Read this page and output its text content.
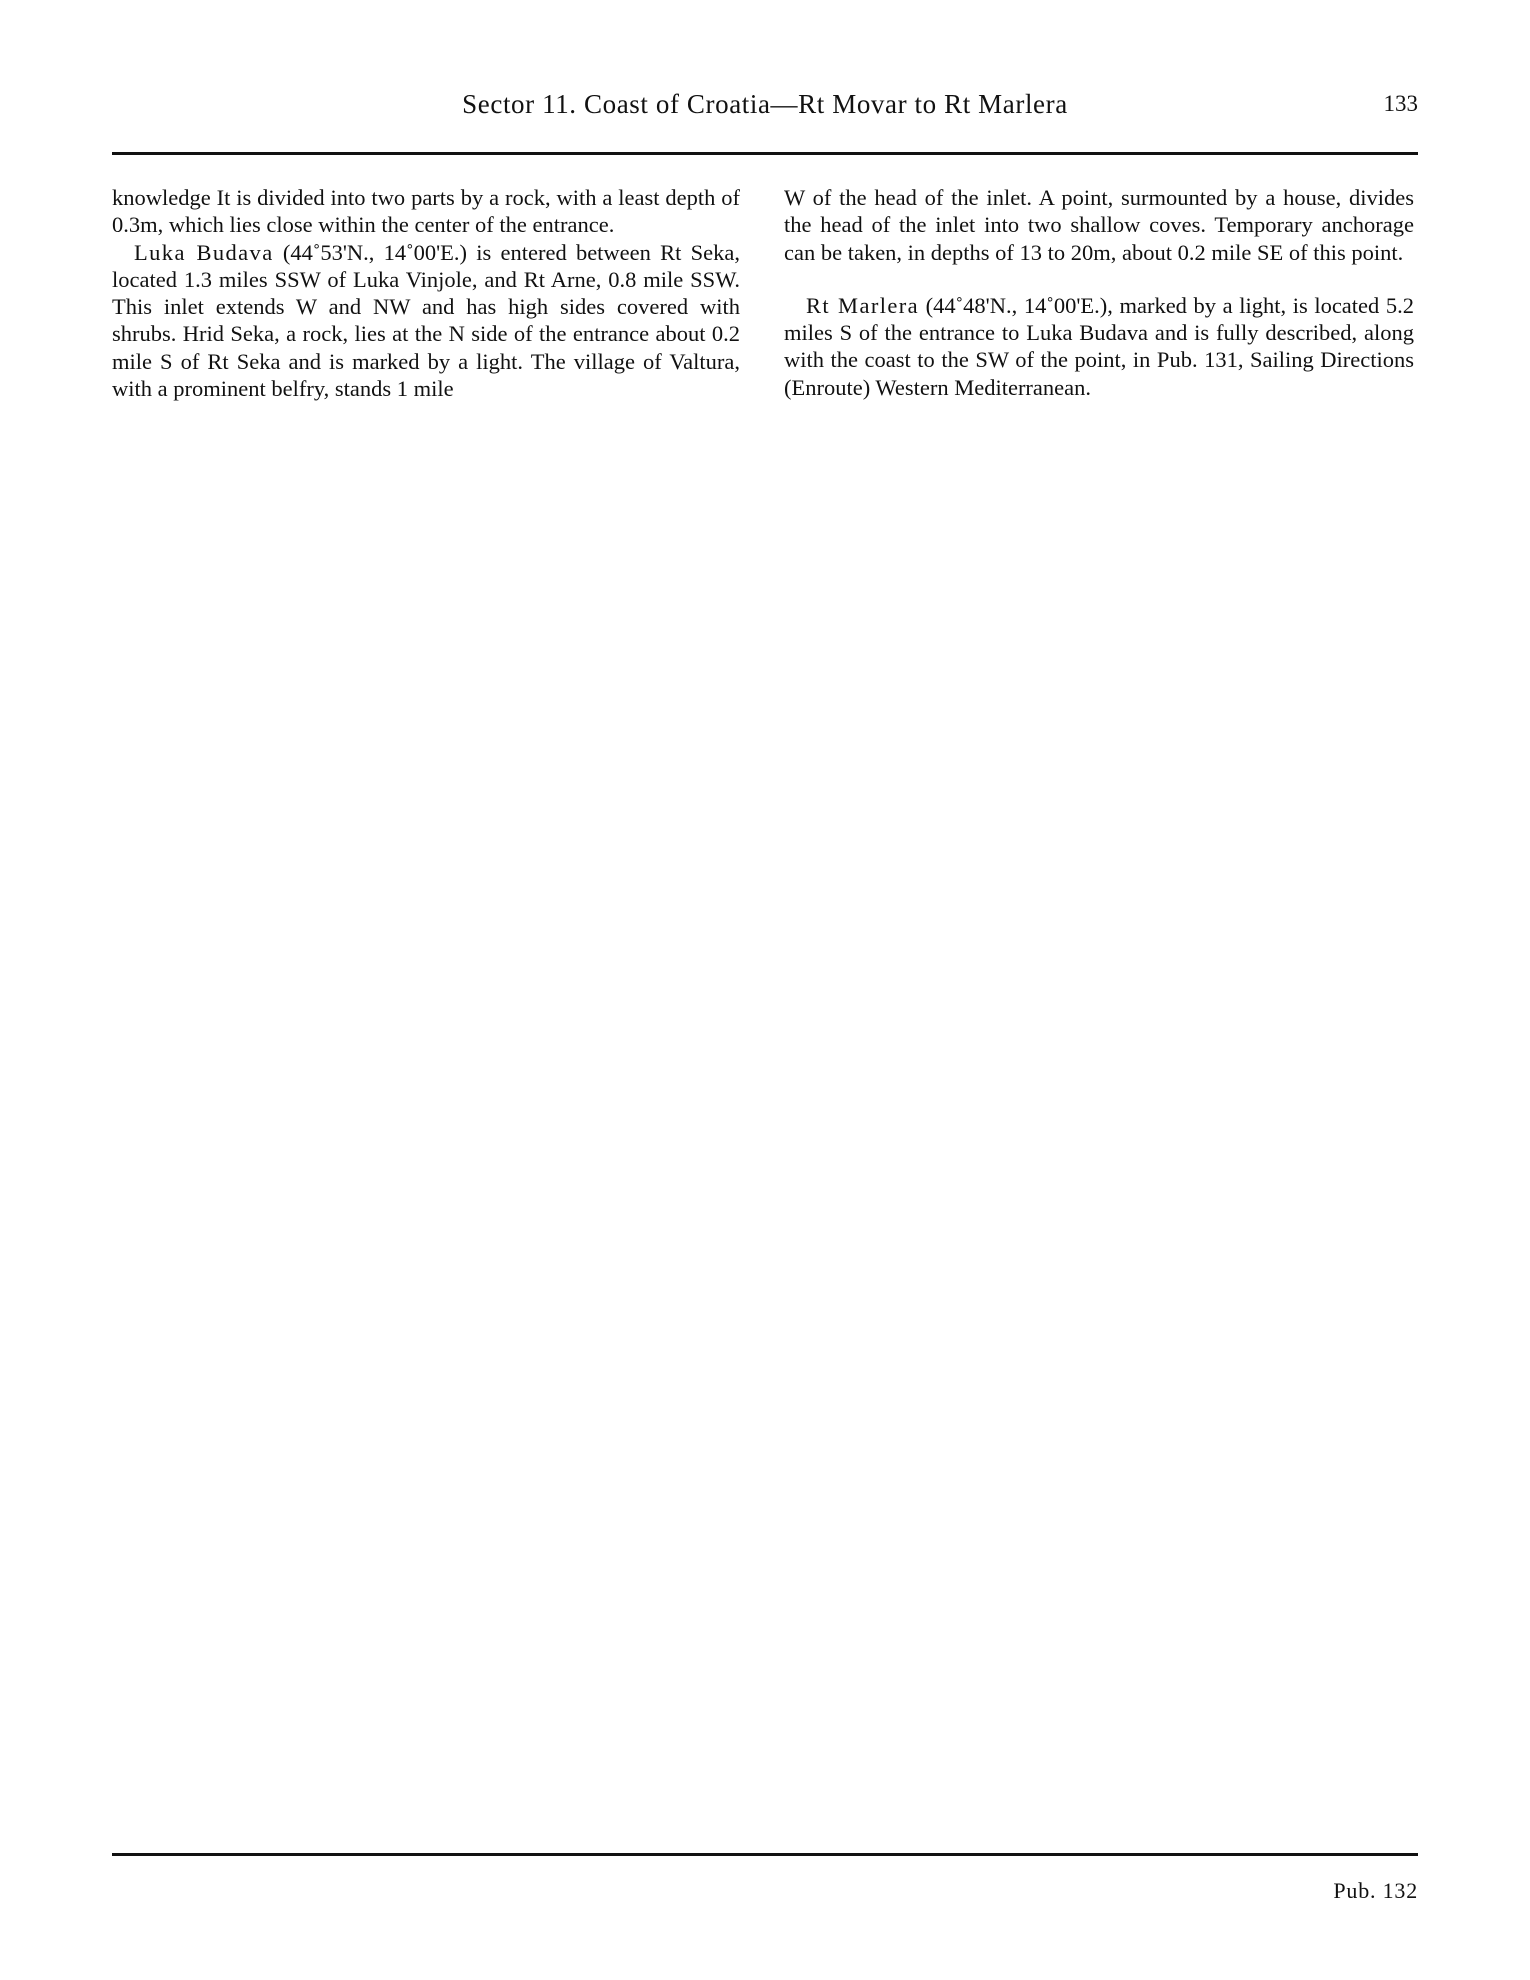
Sector 11. Coast of Croatia—Rt Movar to Rt Marlera	133

knowledge It is divided into two parts by a rock, with a least depth of 0.3m, which lies close within the center of the entrance.

Luka Budava (44˚53'N., 14˚00'E.) is entered between Rt Seka, located 1.3 miles SSW of Luka Vinjole, and Rt Arne, 0.8 mile SSW. This inlet extends W and NW and has high sides covered with shrubs. Hrid Seka, a rock, lies at the N side of the entrance about 0.2 mile S of Rt Seka and is marked by a light. The village of Valtura, with a prominent belfry, stands 1 mile

W of the head of the inlet. A point, surmounted by a house, divides the head of the inlet into two shallow coves. Temporary anchorage can be taken, in depths of 13 to 20m, about 0.2 mile SE of this point.

Rt Marlera (44˚48'N., 14˚00'E.), marked by a light, is located 5.2 miles S of the entrance to Luka Budava and is fully described, along with the coast to the SW of the point, in Pub. 131, Sailing Directions (Enroute) Western Mediterranean.

Pub. 132
